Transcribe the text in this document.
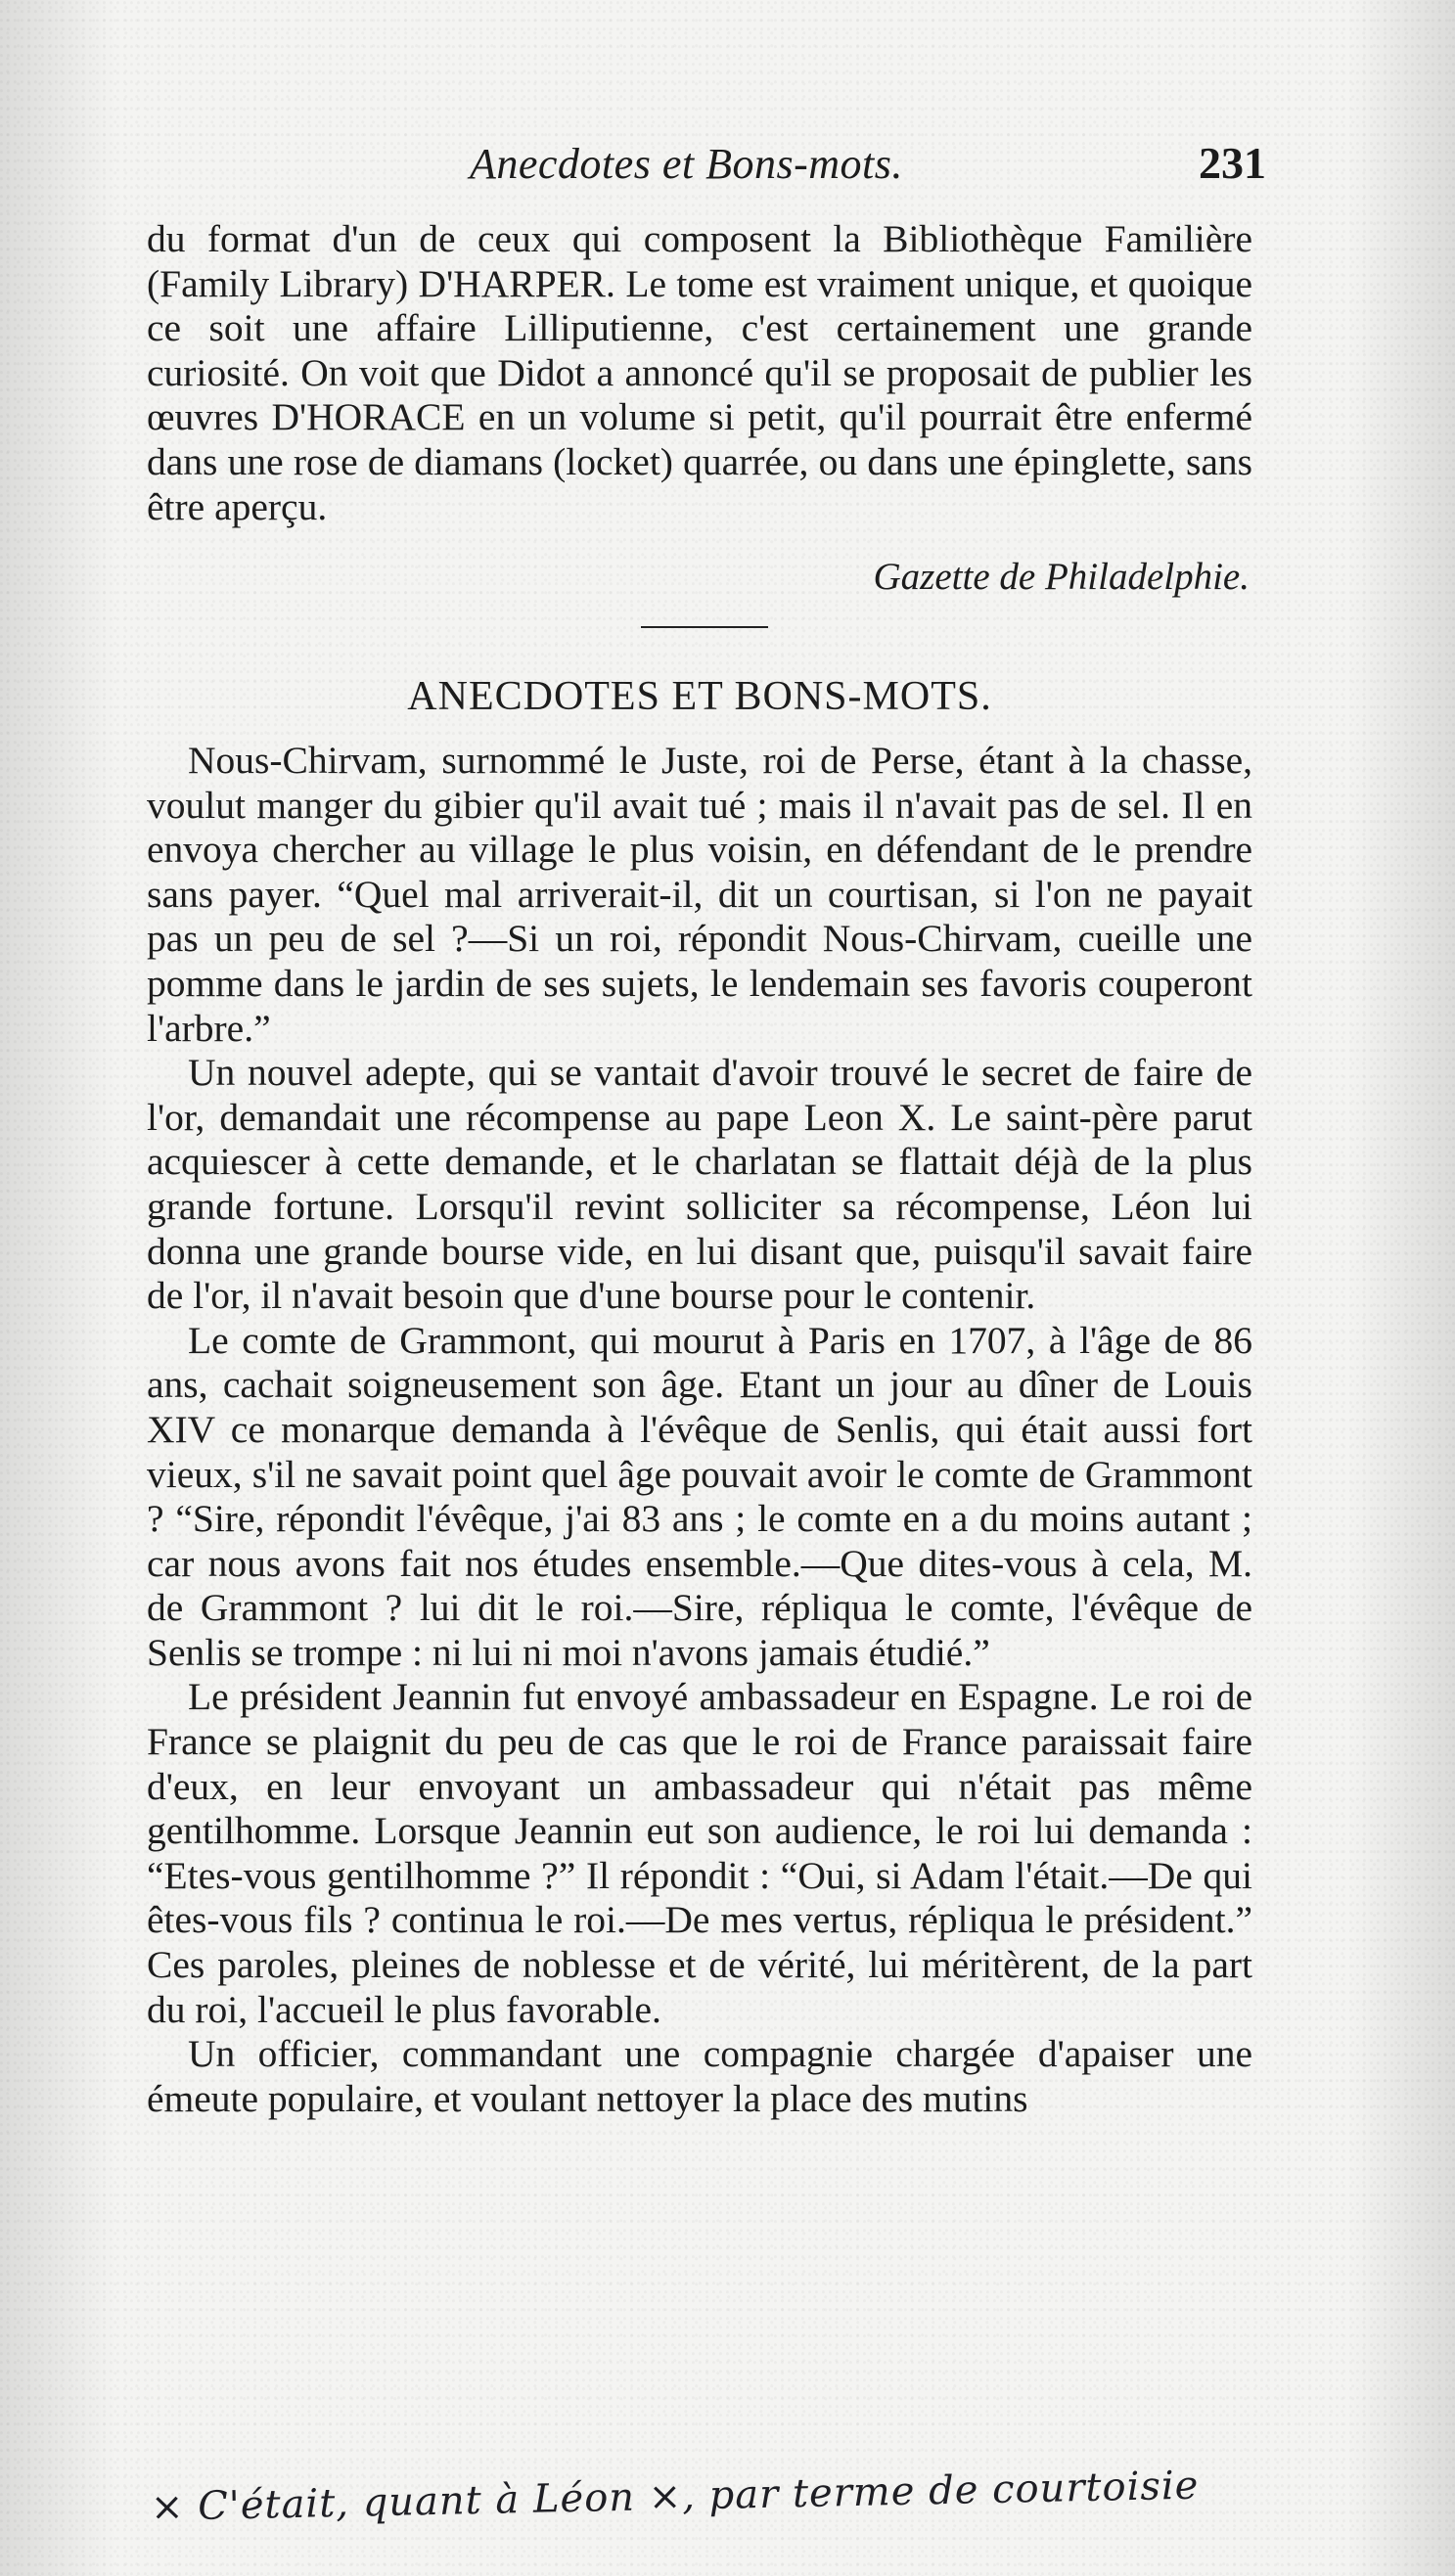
Anecdotes et Bons-mots.	231

du format d'un de ceux qui composent la Bibliothèque Familière (Family Library) D'HARPER. Le tome est vraiment unique, et quoique ce soit une affaire Lilliputienne, c'est certainement une grande curiosité. On voit que Didot a annoncé qu'il se proposait de publier les œuvres D'HORACE en un volume si petit, qu'il pourrait être enfermé dans une rose de diamans (locket) quarrée, ou dans une épinglette, sans être aperçu.

Gazette de Philadelphie.
ANECDOTES ET BONS-MOTS.

Nous-Chirvam, surnommé le Juste, roi de Perse, étant à la chasse, voulut manger du gibier qu'il avait tué ; mais il n'avait pas de sel. Il en envoya chercher au village le plus voisin, en défendant de le prendre sans payer. “Quel mal arriverait-il, dit un courtisan, si l'on ne payait pas un peu de sel ?—Si un roi, répondit Nous-Chirvam, cueille une pomme dans le jardin de ses sujets, le lendemain ses favoris couperont l'arbre.”

Un nouvel adepte, qui se vantait d'avoir trouvé le secret de faire de l'or, demandait une récompense au pape Leon X. Le saint-père parut acquiescer à cette demande, et le charlatan se flattait déjà de la plus grande fortune. Lorsqu'il revint solliciter sa récompense, Léon lui donna une grande bourse vide, en lui disant que, puisqu'il savait faire de l'or, il n'avait besoin que d'une bourse pour le contenir.

Le comte de Grammont, qui mourut à Paris en 1707, à l'âge de 86 ans, cachait soigneusement son âge. Etant un jour au dîner de Louis XIV ce monarque demanda à l'évêque de Senlis, qui était aussi fort vieux, s'il ne savait point quel âge pouvait avoir le comte de Grammont ? “Sire, répondit l'évêque, j'ai 83 ans ; le comte en a du moins autant ; car nous avons fait nos études ensemble.—Que dites-vous à cela, M. de Grammont ? lui dit le roi.—Sire, répliqua le comte, l'évêque de Senlis se trompe : ni lui ni moi n'avons jamais étudié.”

Le président Jeannin fut envoyé ambassadeur en Espagne. Le roi de France se plaignit du peu de cas que le roi de France paraissait faire d'eux, en leur envoyant un ambassadeur qui n'était pas même gentilhomme. Lorsque Jeannin eut son audience, le roi lui demanda : “Etes-vous gentilhomme ?” Il répondit : “Oui, si Adam l'était.—De qui êtes-vous fils ? continua le roi.—De mes vertus, répliqua le président.” Ces paroles, pleines de noblesse et de vérité, lui méritèrent, de la part du roi, l'accueil le plus favorable.

Un officier, commandant une compagnie chargée d'apaiser une émeute populaire, et voulant nettoyer la place des mutins

× C'était, quant à Léon ×, par terme de courtoisie
